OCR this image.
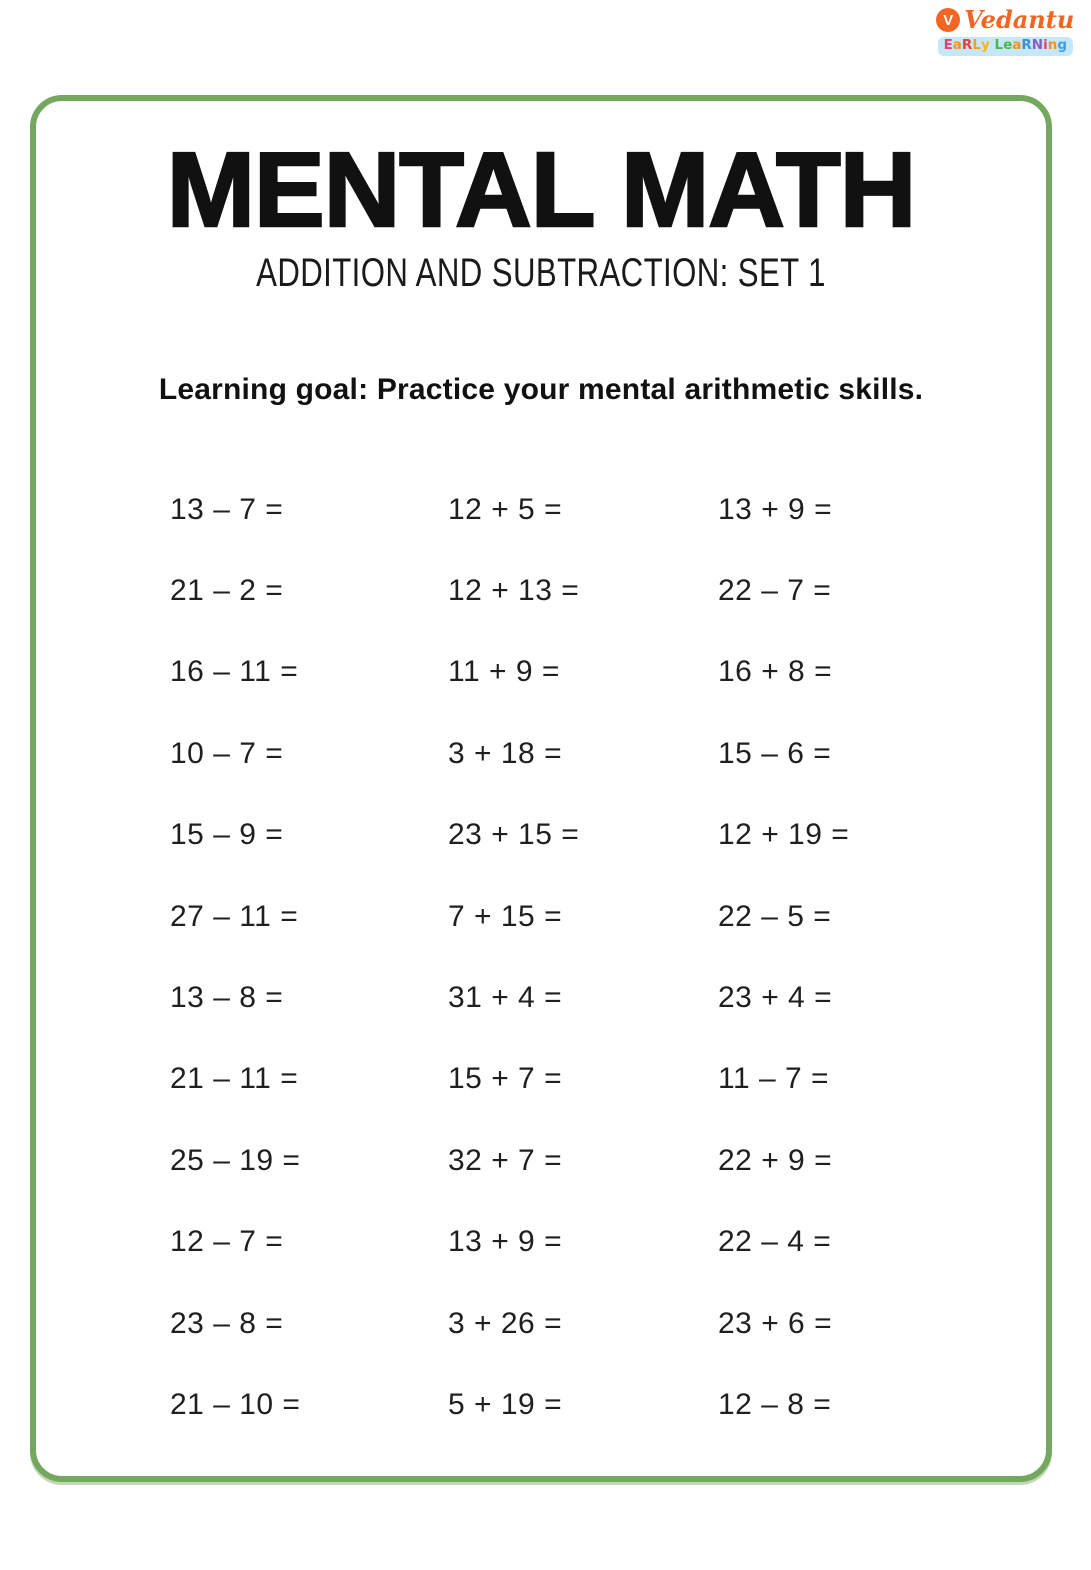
V Vedantu
E a R L y
L e a R N i n g
MENTAL MATH
ADDITION AND SUBTRACTION: SET 1
Learning goal: Practice your mental arithmetic skills.
13 – 7 =	12 + 5 =	13 + 9 =
21 – 2 =	12 + 13 =	22 – 7 =
16 – 11 =	11 + 9 =	16 + 8 =
10 – 7 =	3 + 18 =	15 – 6 =
15 – 9 =	23 + 15 =	12 + 19 =
27 – 11 =	7 + 15 =	22 – 5 =
13 – 8 =	31 + 4 =	23 + 4 =
21 – 11 =	15 + 7 =	11 – 7 =
25 – 19 =	32 + 7 =	22 + 9 =
12 – 7 =	13 + 9 =	22 – 4 =
23 – 8 =	3 + 26 =	23 + 6 =
21 – 10 =	5 + 19 =	12 – 8 =
